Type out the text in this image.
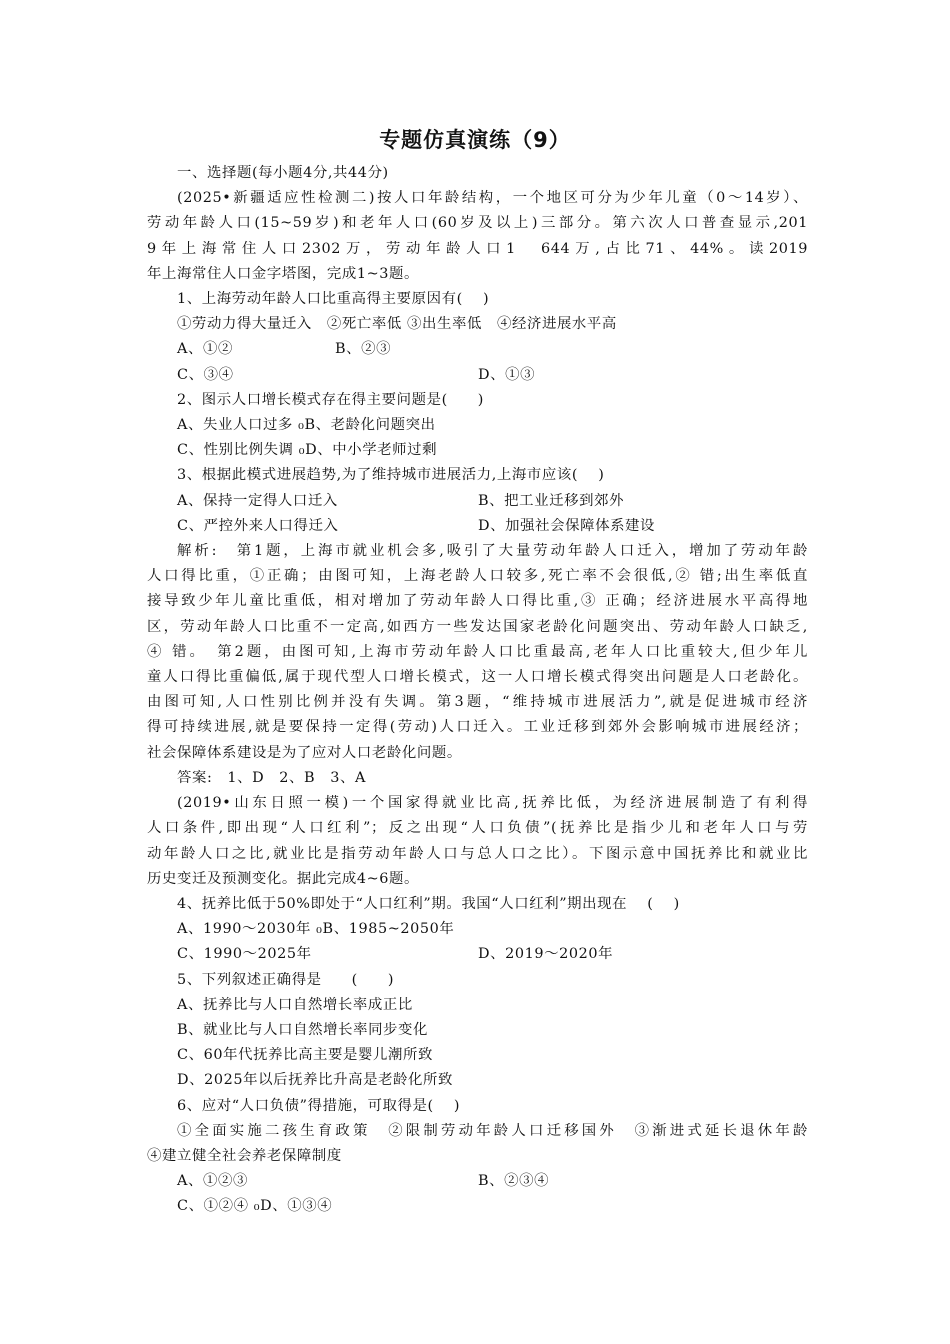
专题仿真演练（9）
一、选择题(每小题4分,共44分)
(2025•新疆适应性检测二)按人口年龄结构，一个地区可分为少年儿童（0～14岁）、
劳动年龄人口(15~59岁)和老年人口(60岁及以上)三部分。第六次人口普查显示,201
9年上海常住人口2302万，劳动年龄人口1　644万,占比71、44%。读2019
年上海常住人口金字塔图，完成1~3题。
1、上海劳动年龄人口比重高得主要原因有(　 )
①劳动力得大量迁入　②死亡率低 ③出生率低　④经济进展水平高
A、①②	B、②③
C、③④	D、①③
2、图示人口增长模式存在得主要问题是(　　)
A、失业人口过多 ₀B、老龄化问题突出
C、性别比例失调 ₀D、中小学老师过剩
3、根据此模式进展趋势,为了维持城市进展活力,上海市应该(　 )
A、保持一定得人口迁入	B、把工业迁移到郊外
C、严控外来人口得迁入	D、加强社会保障体系建设
解析:　第1题，上海市就业机会多,吸引了大量劳动年龄人口迁入，增加了劳动年龄
人口得比重，①正确；由图可知，上海老龄人口较多,死亡率不会很低,② 错;出生率低直
接导致少年儿童比重低，相对增加了劳动年龄人口得比重,③ 正确；经济进展水平高得地
区，劳动年龄人口比重不一定高,如西方一些发达国家老龄化问题突出、劳动年龄人口缺乏,
④ 错。　第2题，由图可知,上海市劳动年龄人口比重最高,老年人口比重较大,但少年儿
童人口得比重偏低,属于现代型人口增长模式，这一人口增长模式得突出问题是人口老龄化。
由图可知,人口性别比例并没有失调。第3题，“维持城市进展活力”,就是促进城市经济
得可持续进展,就是要保持一定得(劳动)人口迁入。工业迁移到郊外会影响城市进展经济；
社会保障体系建设是为了应对人口老龄化问题。
答案:　1、D　2、B　3、A
(2019•山东日照一模)一个国家得就业比高,抚养比低，为经济进展制造了有利得
人口条件,即出现“人口红利”；反之出现“人口负债”(抚养比是指少儿和老年人口与劳
动年龄人口之比,就业比是指劳动年龄人口与总人口之比）。下图示意中国抚养比和就业比
历史变迁及预测变化。据此完成4~6题。
4、抚养比低于50%即处于“人口红利”期。我国“人口红利”期出现在　 (　 )
A、1990～2030年 ₀B、1985~2050年
C、1990～2025年	D、2019～2020年
5、下列叙述正确得是　　(　　)
A、抚养比与人口自然增长率成正比
B、就业比与人口自然增长率同步变化
C、60年代抚养比高主要是婴儿潮所致
D、2025年以后抚养比升高是老龄化所致
6、应对“人口负债”得措施，可取得是(　 )
①全面实施二孩生育政策　②限制劳动年龄人口迁移国外　③渐进式延长退休年龄
④建立健全社会养老保障制度
A、①②③	B、②③④
C、①②④ ₀D、①③④
